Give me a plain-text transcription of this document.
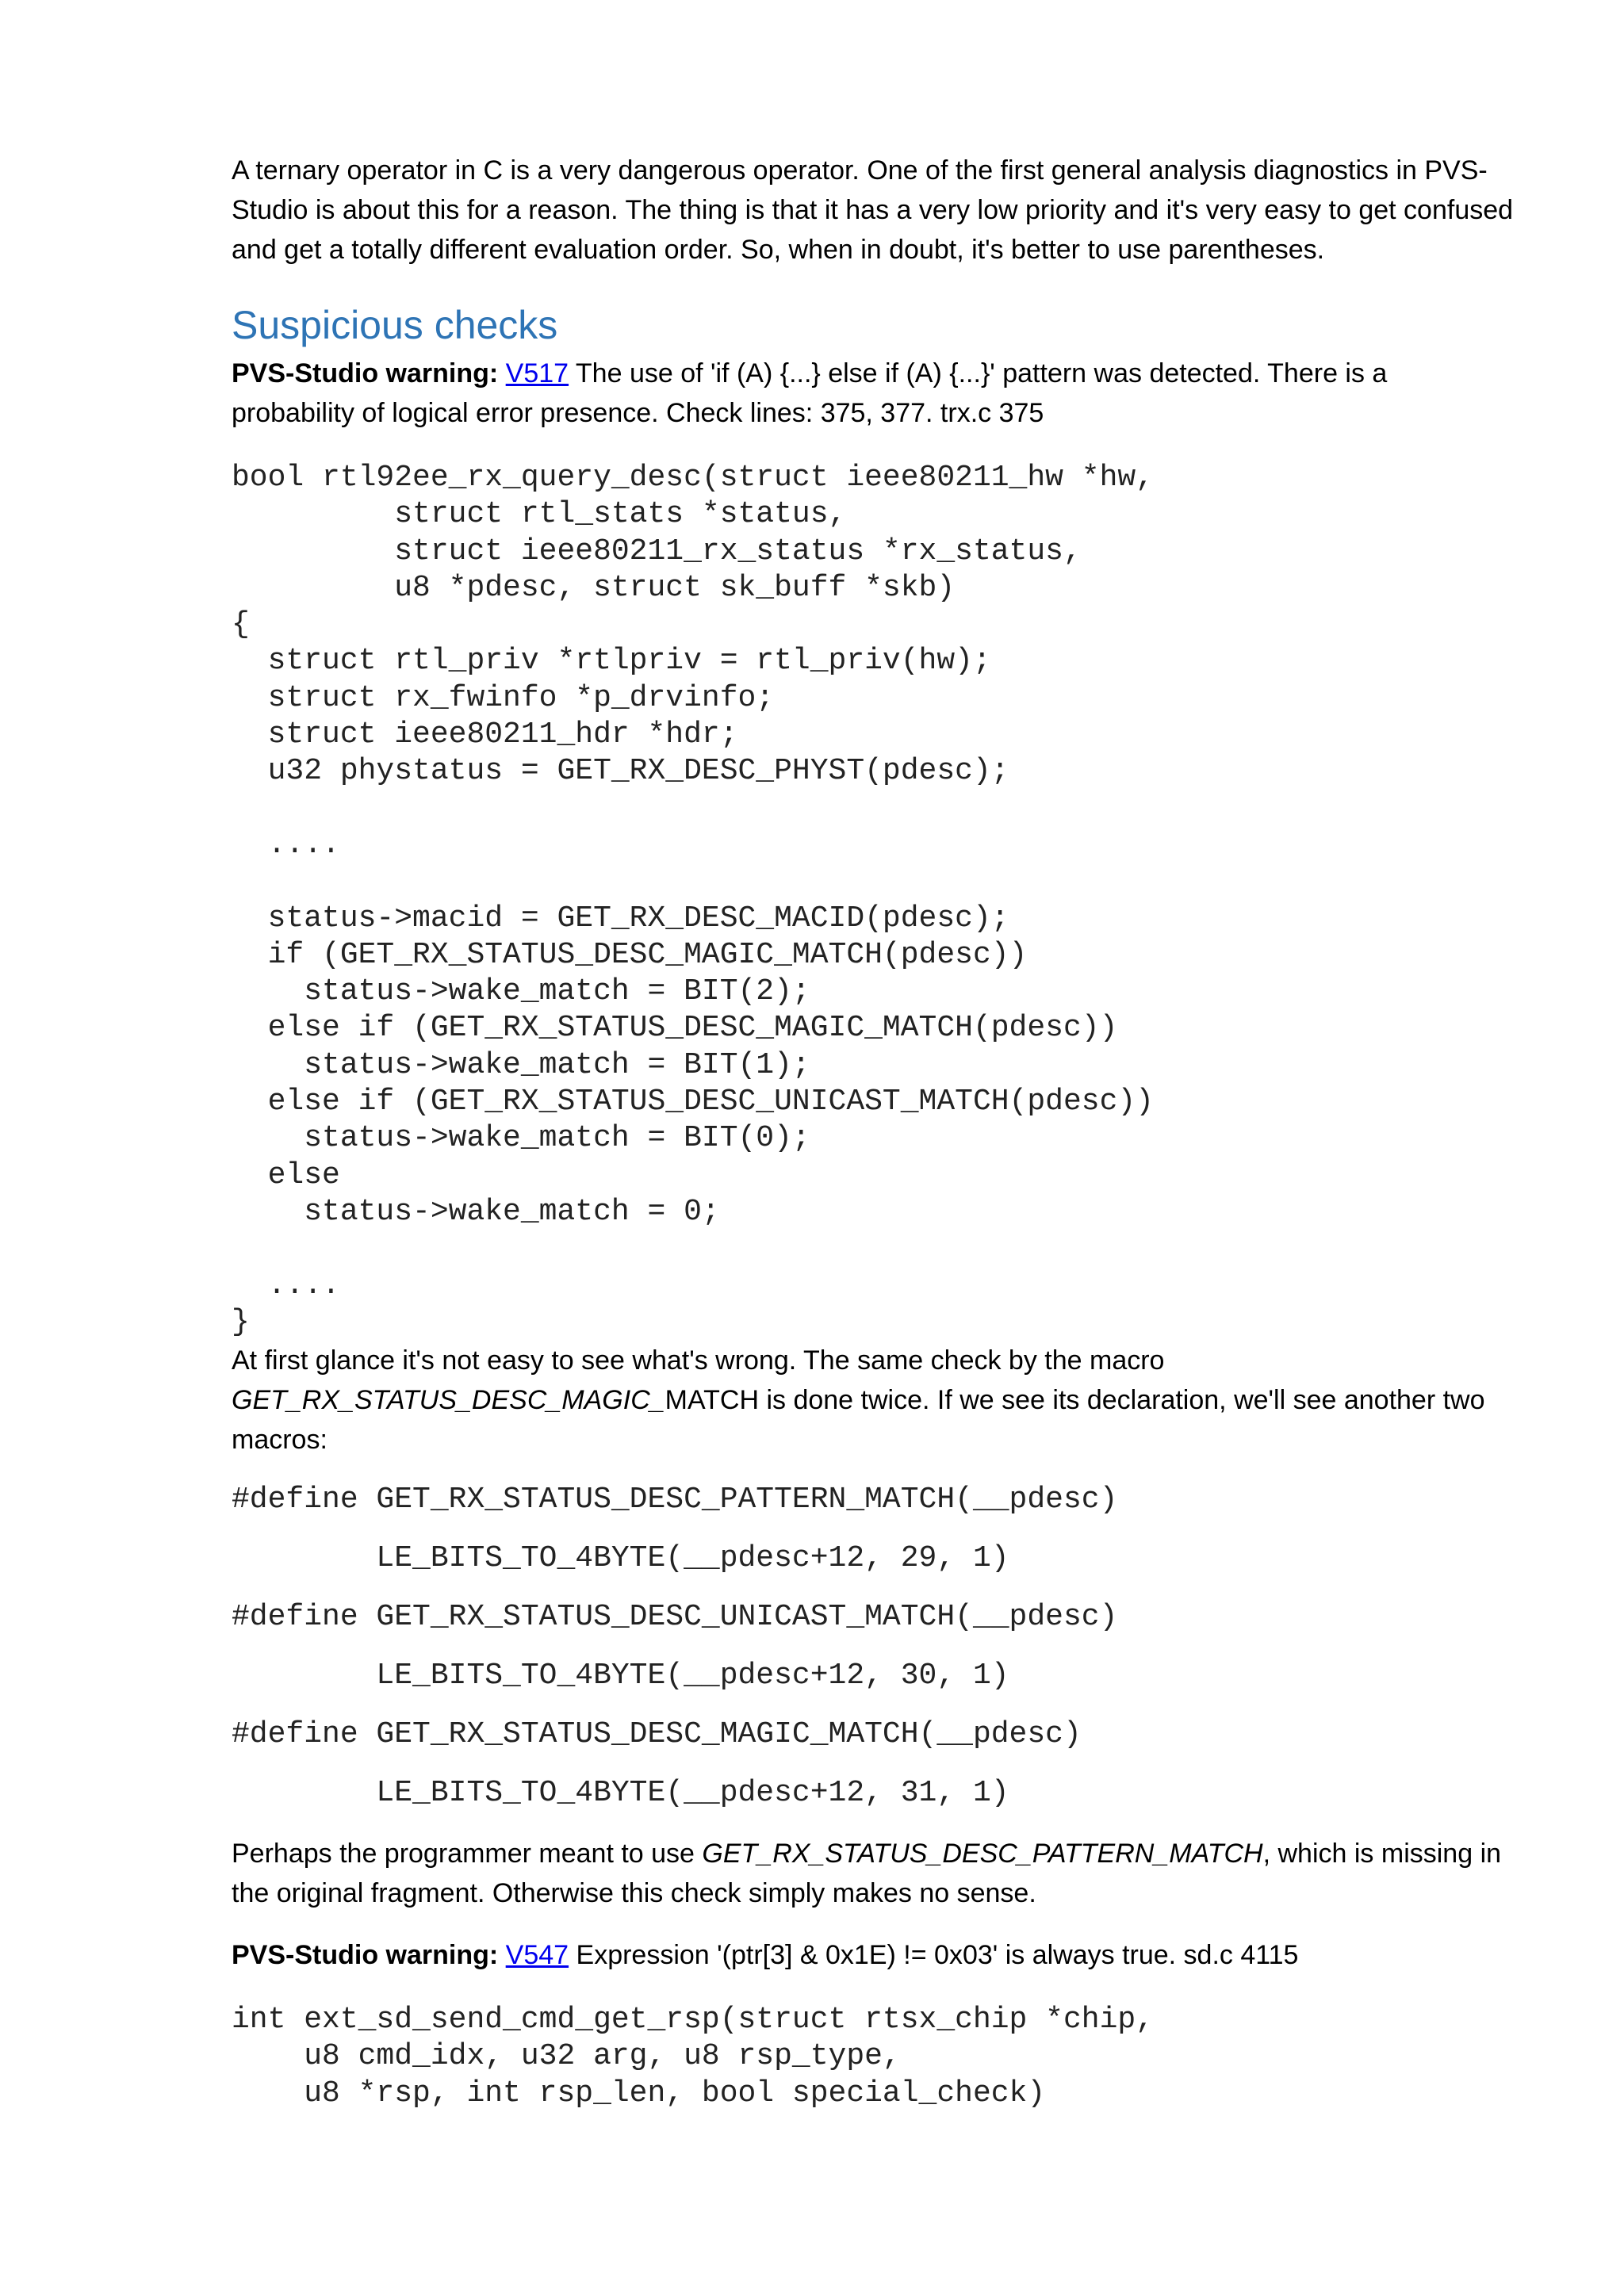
A ternary operator in C is a very dangerous operator. One of the first general analysis diagnostics in PVS-Studio is about this for a reason. The thing is that it has a very low priority and it's very easy to get confused and get a totally different evaluation order. So, when in doubt, it's better to use parentheses.

Suspicious checks

PVS-Studio warning: V517 The use of 'if (A) {...} else if (A) {...}' pattern was detected. There is a probability of logical error presence. Check lines: 375, 377. trx.c 375

bool rtl92ee_rx_query_desc(struct ieee80211_hw *hw,
struct rtl_stats *status,
struct ieee80211_rx_status *rx_status,
u8 *pdesc, struct sk_buff *skb)
{
struct rtl_priv *rtlpriv = rtl_priv(hw);
struct rx_fwinfo *p_drvinfo;
struct ieee80211_hdr *hdr;
u32 phystatus = GET_RX_DESC_PHYST(pdesc);

....

status->macid = GET_RX_DESC_MACID(pdesc);
if (GET_RX_STATUS_DESC_MAGIC_MATCH(pdesc))
status->wake_match = BIT(2);
else if (GET_RX_STATUS_DESC_MAGIC_MATCH(pdesc))
status->wake_match = BIT(1);
else if (GET_RX_STATUS_DESC_UNICAST_MATCH(pdesc))
status->wake_match = BIT(0);
else
status->wake_match = 0;

....
}

At first glance it's not easy to see what's wrong. The same check by the macro GET_RX_STATUS_DESC_MAGIC_MATCH is done twice. If we see its declaration, we'll see another two macros:

#define GET_RX_STATUS_DESC_PATTERN_MATCH(__pdesc)
LE_BITS_TO_4BYTE(__pdesc+12, 29, 1)
#define GET_RX_STATUS_DESC_UNICAST_MATCH(__pdesc)
LE_BITS_TO_4BYTE(__pdesc+12, 30, 1)
#define GET_RX_STATUS_DESC_MAGIC_MATCH(__pdesc)
LE_BITS_TO_4BYTE(__pdesc+12, 31, 1)

Perhaps the programmer meant to use GET_RX_STATUS_DESC_PATTERN_MATCH, which is missing in the original fragment. Otherwise this check simply makes no sense.

PVS-Studio warning: V547 Expression '(ptr[3] & 0x1E) != 0x03' is always true. sd.c 4115

int ext_sd_send_cmd_get_rsp(struct rtsx_chip *chip,
u8 cmd_idx, u32 arg, u8 rsp_type,
u8 *rsp, int rsp_len, bool special_check)
